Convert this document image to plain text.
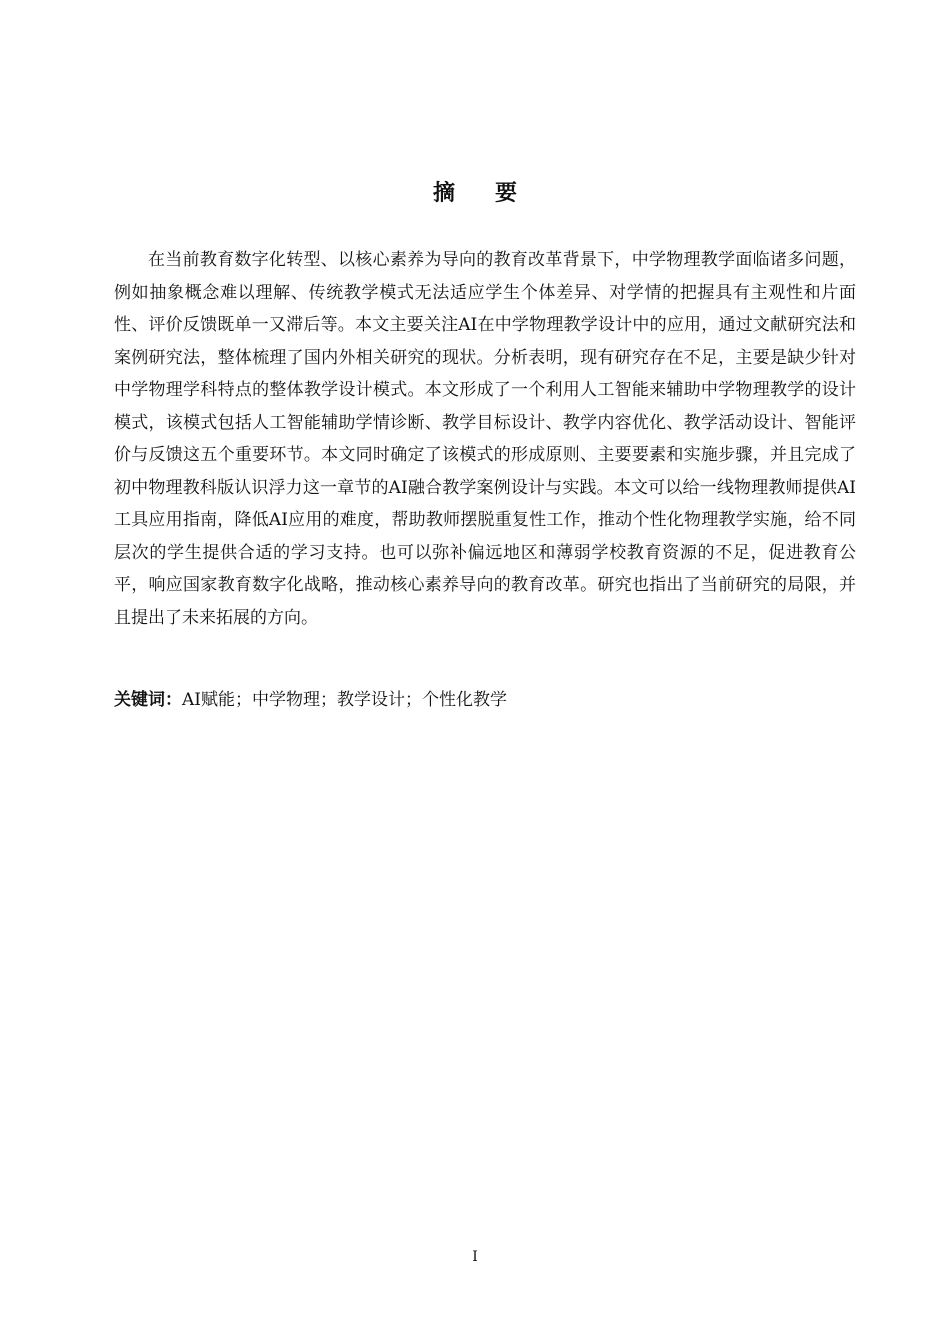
摘 要

在当前教育数字化转型、以核心素养为导向的教育改革背景下，中学物理教学面临诸多问题，例如抽象概念难以理解、传统教学模式无法适应学生个体差异、对学情的把握具有主观性和片面性、评价反馈既单一又滞后等。本文主要关注AI在中学物理教学设计中的应用，通过文献研究法和案例研究法，整体梳理了国内外相关研究的现状。分析表明，现有研究存在不足，主要是缺少针对中学物理学科特点的整体教学设计模式。本文形成了一个利用人工智能来辅助中学物理教学的设计模式，该模式包括人工智能辅助学情诊断、教学目标设计、教学内容优化、教学活动设计、智能评价与反馈这五个重要环节。本文同时确定了该模式的形成原则、主要要素和实施步骤，并且完成了初中物理教科版认识浮力这一章节的AI融合教学案例设计与实践。本文可以给一线物理教师提供AI工具应用指南，降低AI应用的难度，帮助教师摆脱重复性工作，推动个性化物理教学实施，给不同层次的学生提供合适的学习支持。也可以弥补偏远地区和薄弱学校教育资源的不足，促进教育公平，响应国家教育数字化战略，推动核心素养导向的教育改革。研究也指出了当前研究的局限，并且提出了未来拓展的方向。

关键词：AI赋能；中学物理；教学设计；个性化教学

I
